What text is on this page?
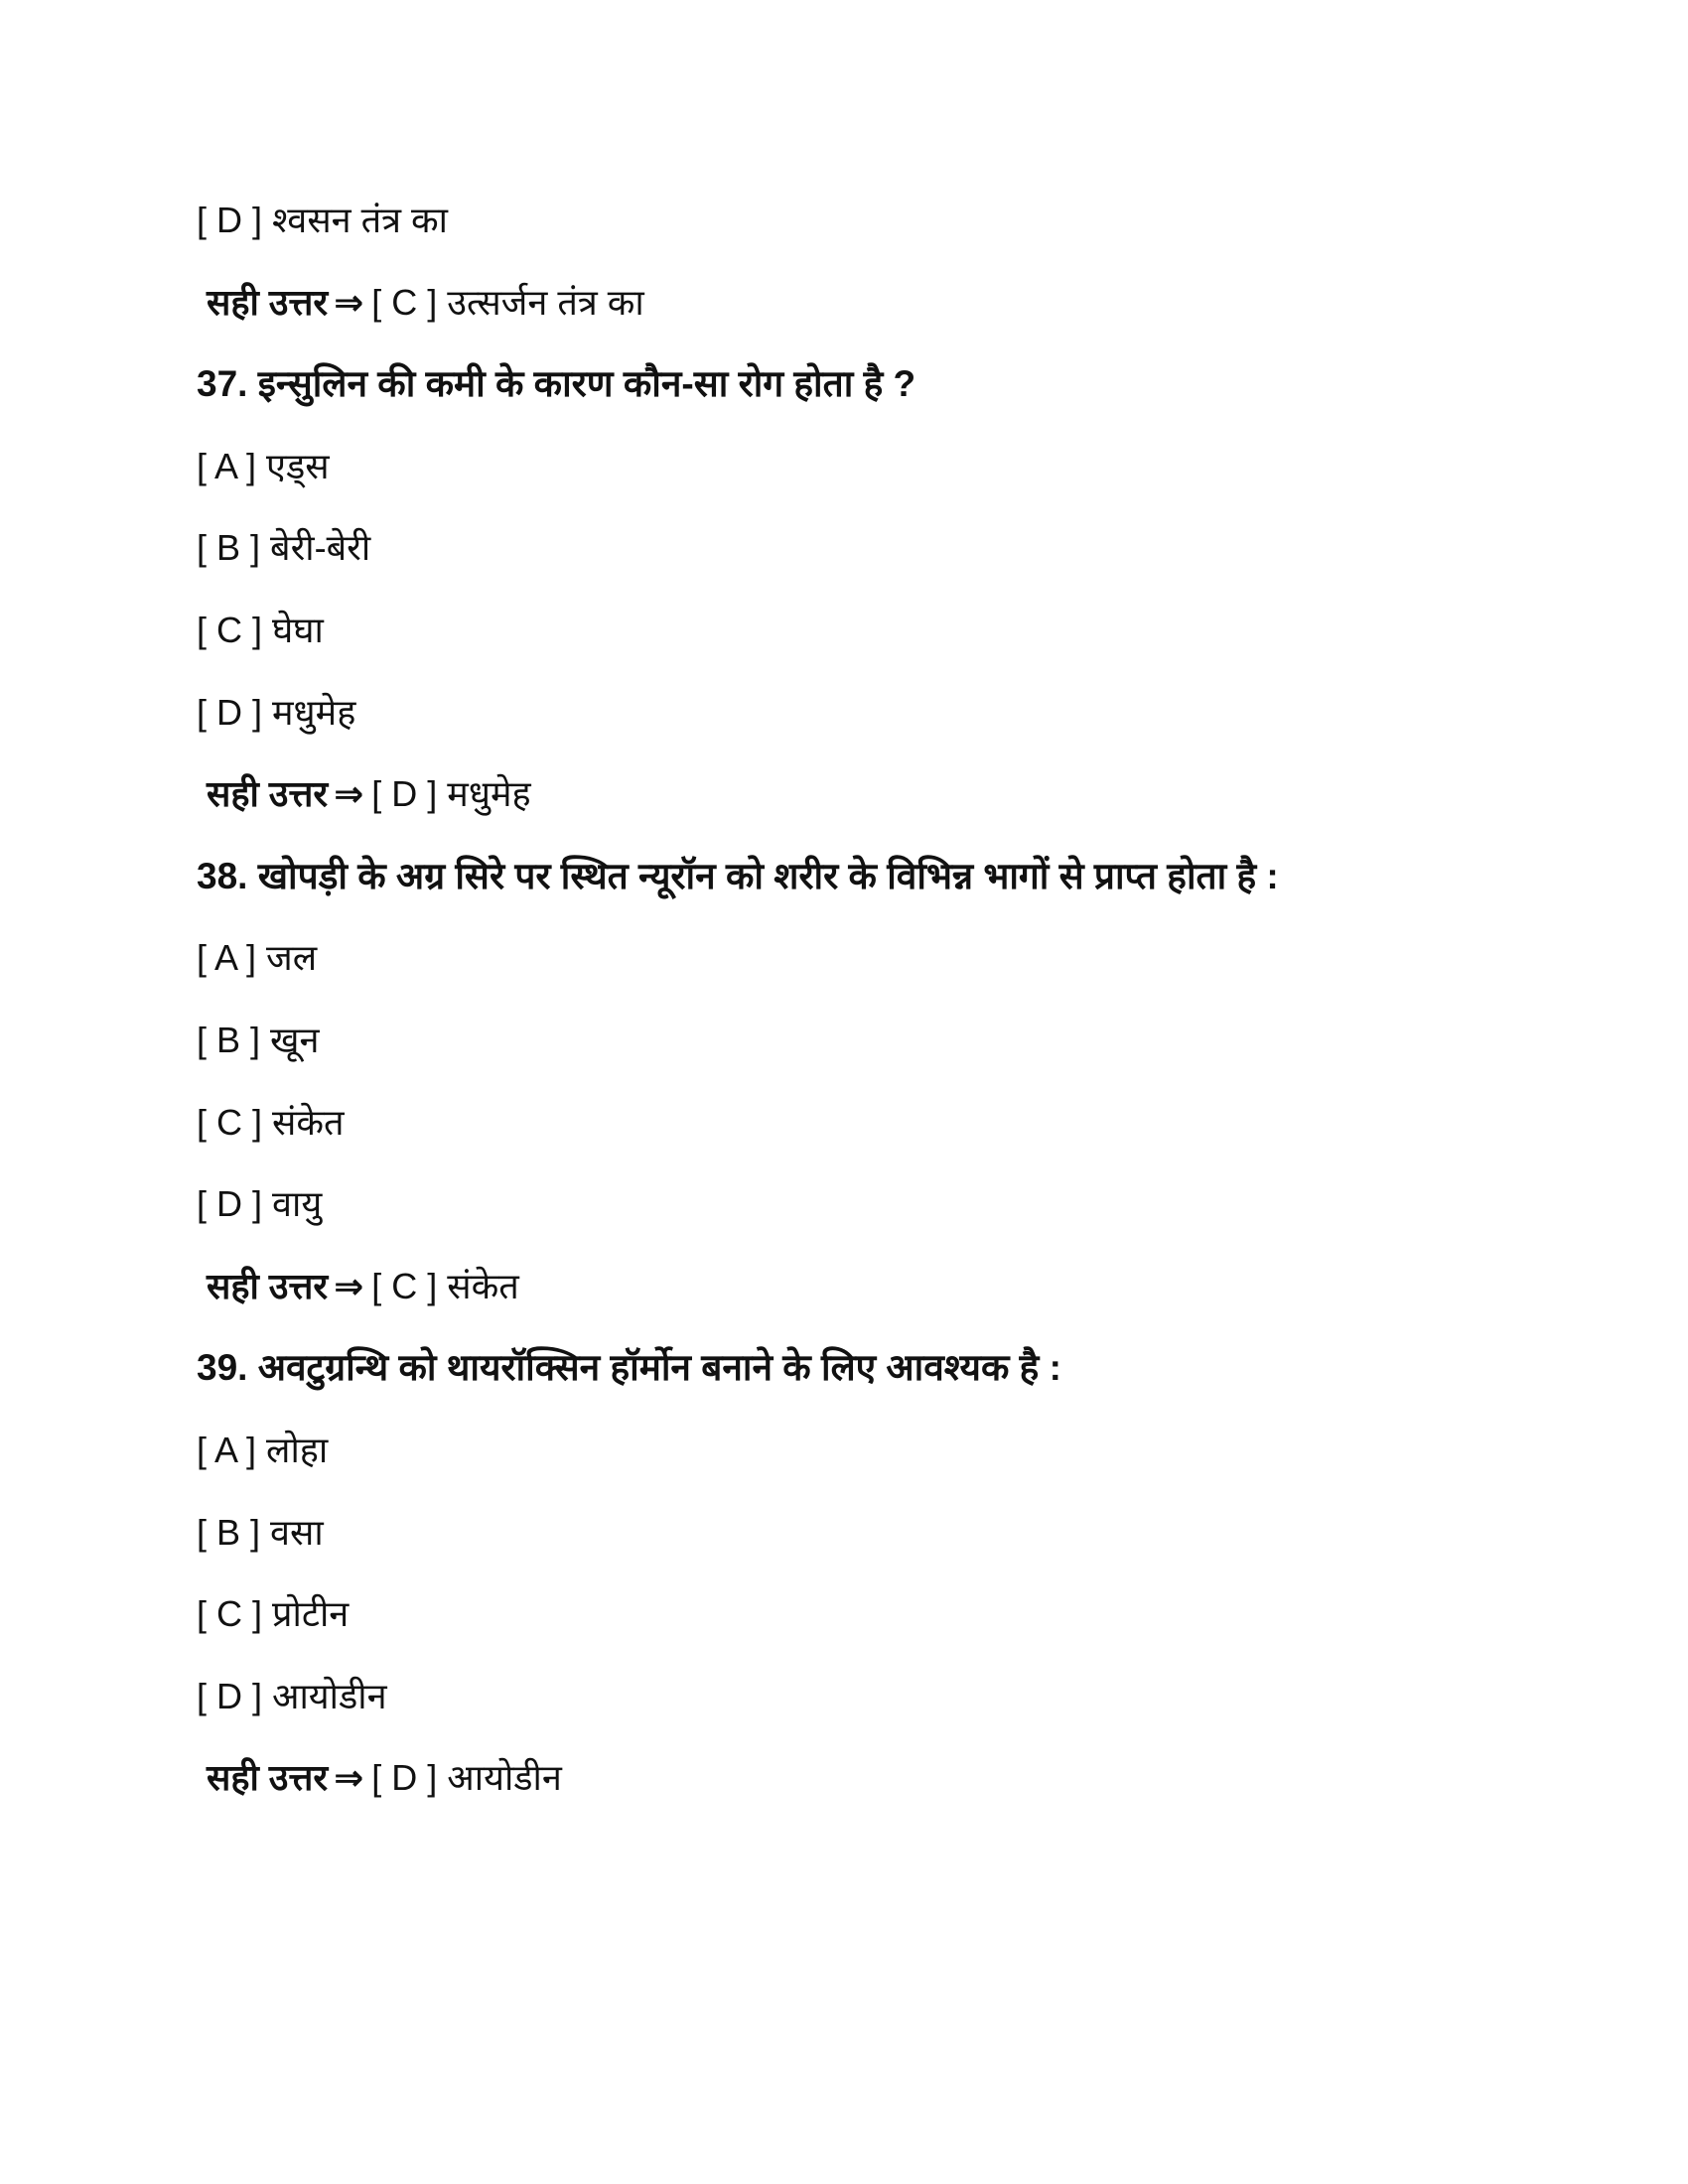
[ D ] श्वसन तंत्र का
सही उत्तर ⇒ [ C ] उत्सर्जन तंत्र का
37. इन्सुलिन की कमी के कारण कौन-सा रोग होता है ?
[ A ] एड्स
[ B ] बेरी-बेरी
[ C ] घेघा
[ D ] मधुमेह
सही उत्तर ⇒ [ D ] मधुमेह
38. खोपड़ी के अग्र सिरे पर स्थित न्यूरॉन को शरीर के विभिन्न भागों से प्राप्त होता है :
[ A ] जल
[ B ] खून
[ C ] संकेत
[ D ] वायु
सही उत्तर ⇒ [ C ] संकेत
39. अवटुग्रन्थि को थायरॉक्सिन हॉर्मोन बनाने के लिए आवश्यक है :
[ A ] लोहा
[ B ] वसा
[ C ] प्रोटीन
[ D ] आयोडीन
सही उत्तर ⇒ [ D ] आयोडीन
